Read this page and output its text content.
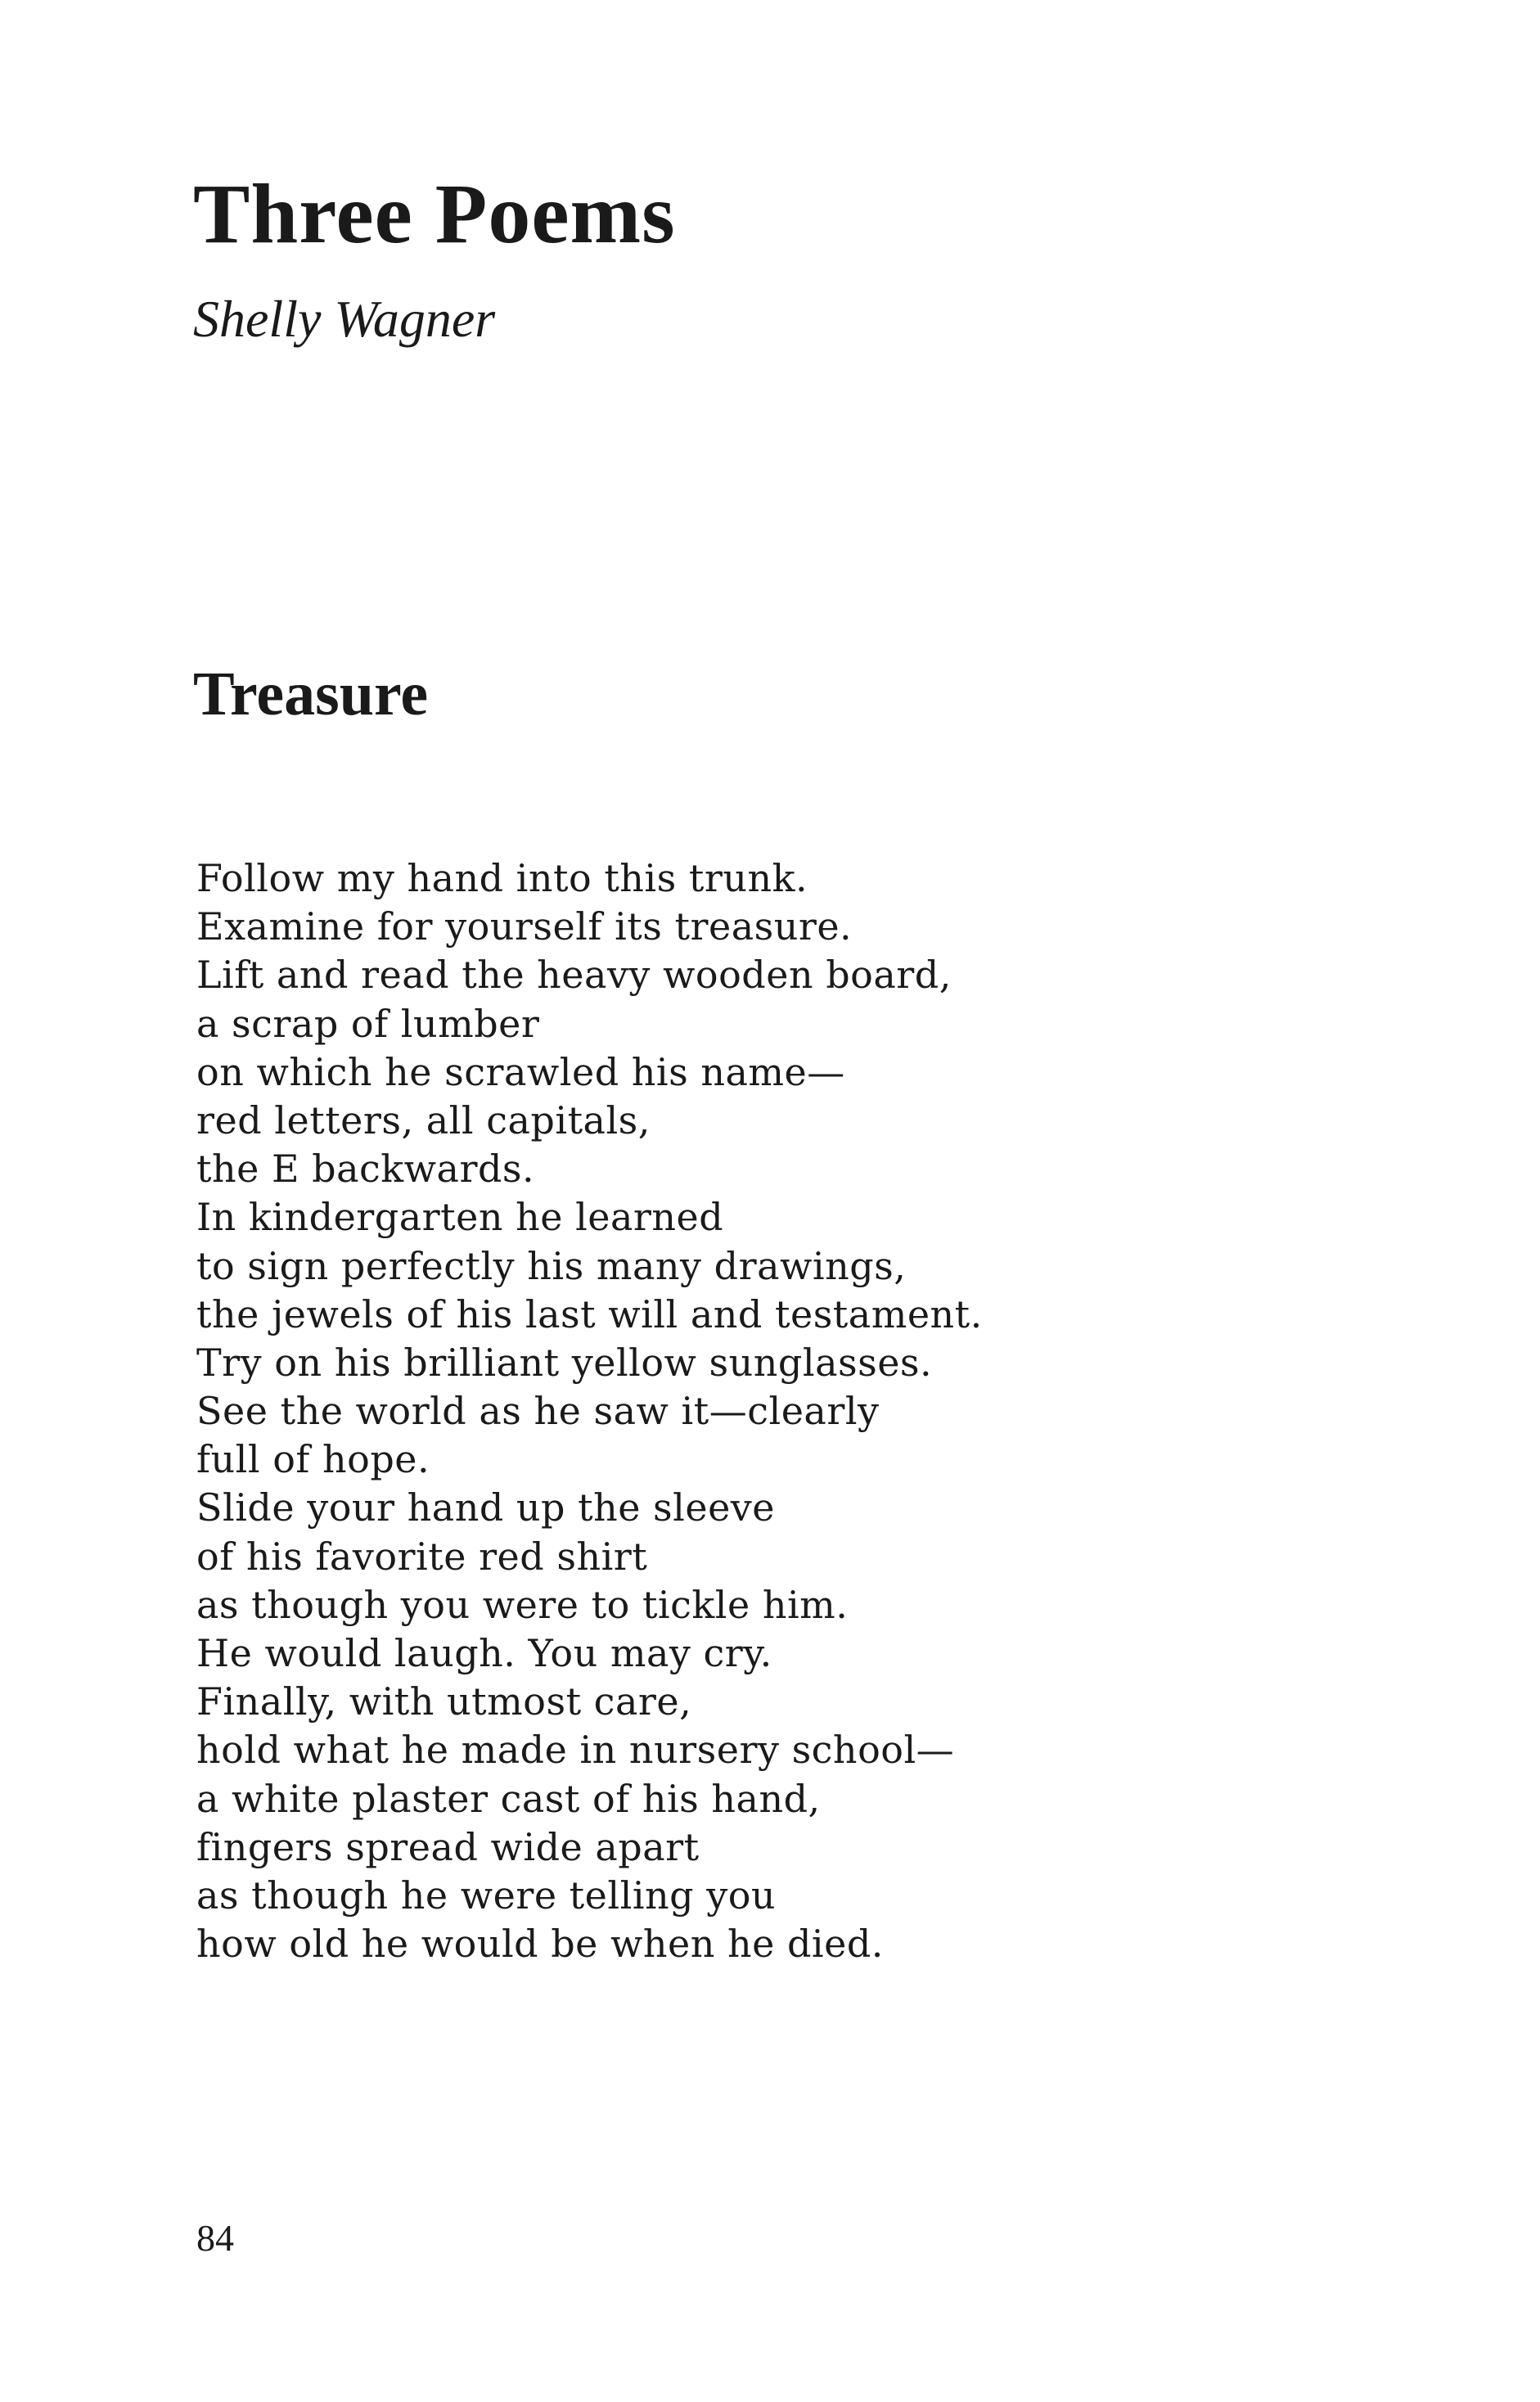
Three Poems

Shelly Wagner

Treasure
Follow my hand into this trunk.
Examine for yourself its treasure.
Lift and read the heavy wooden board,
a scrap of lumber
on which he scrawled his name—
red letters, all capitals,
the E backwards.
In kindergarten he learned
to sign perfectly his many drawings,
the jewels of his last will and testament.
Try on his brilliant yellow sunglasses.
See the world as he saw it—clearly
full of hope.
Slide your hand up the sleeve
of his favorite red shirt
as though you were to tickle him.
He would laugh. You may cry.
Finally, with utmost care,
hold what he made in nursery school—
a white plaster cast of his hand,
fingers spread wide apart
as though he were telling you
how old he would be when he died.

84
